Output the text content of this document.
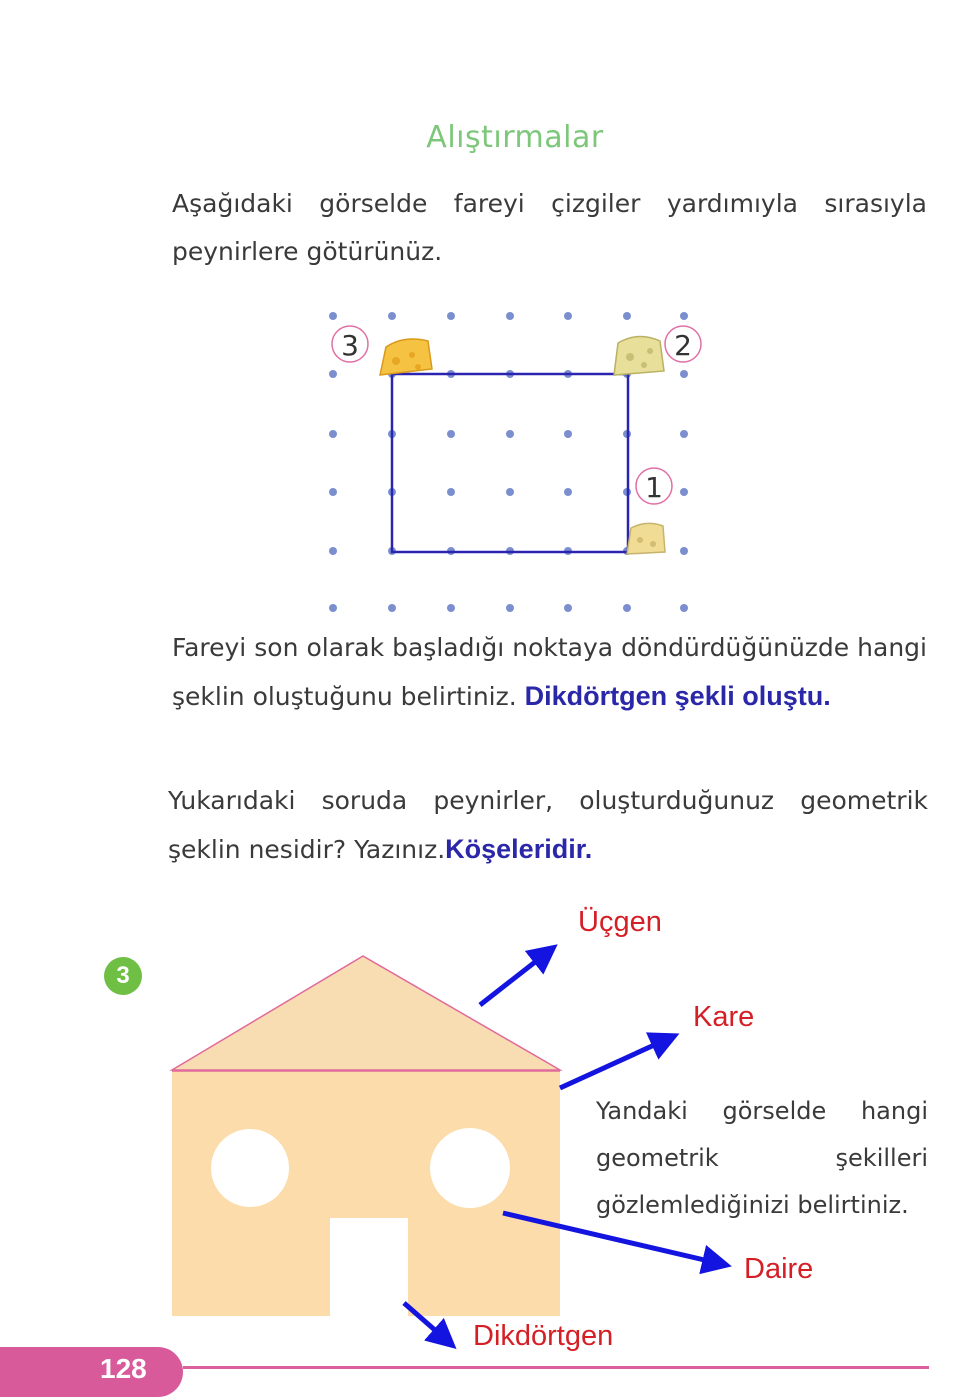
Alıştırmalar
Aşağıdaki görselde fareyi çizgiler yardımıyla sırasıyla peynirlere götürünüz.
3	2
1
Fareyi son olarak başladığı noktaya döndürdüğünüzde hangi şeklin oluştuğunu belirtiniz. Dikdörtgen şekli oluştu.
Yukarıdaki soruda peynirler, oluşturduğunuz geometrik şeklin nesidir? Yazınız.Köşeleridir.
3
Üçgen
Kare
Daire
Dikdörtgen
Yandaki görselde hangi geometrik şekilleri gözlemlediğinizi belirtiniz.
128
